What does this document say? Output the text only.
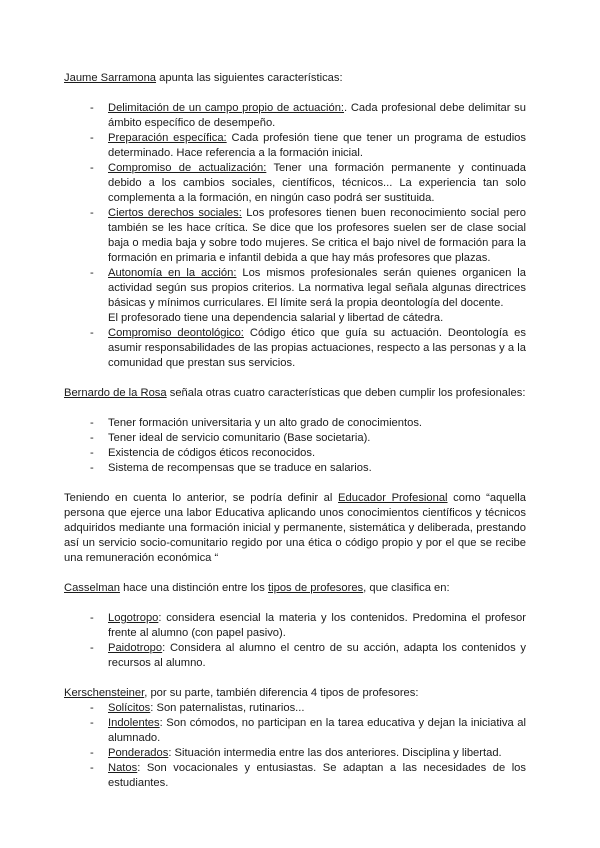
Jaume Sarramona apunta las siguientes características:

- Delimitación de un campo propio de actuación:. Cada profesional debe delimitar su ámbito específico de desempeño.
- Preparación específica: Cada profesión tiene que tener un programa de estudios determinado. Hace referencia a la formación inicial.
- Compromiso de actualización: Tener una formación permanente y continuada debido a los cambios sociales, científicos, técnicos... La experiencia tan solo complementa a la formación, en ningún caso podrá ser sustituida.
- Ciertos derechos sociales: Los profesores tienen buen reconocimiento social pero también se les hace crítica. Se dice que los profesores suelen ser de clase social baja o media baja y sobre todo mujeres. Se critica el bajo nivel de formación para la formación en primaria e infantil debida a que hay más profesores que plazas.
- Autonomía en la acción: Los mismos profesionales serán quienes organicen la actividad según sus propios criterios. La normativa legal señala algunas directrices básicas y mínimos curriculares. El límite será la propia deontología del docente.
El profesorado tiene una dependencia salarial y libertad de cátedra.
- Compromiso deontológico: Código ético que guía su actuación. Deontología es asumir responsabilidades de las propias actuaciones, respecto a las personas y a la comunidad que prestan sus servicios.

Bernardo de la Rosa señala otras cuatro características que deben cumplir los profesionales:

- Tener formación universitaria y un alto grado de conocimientos.
- Tener ideal de servicio comunitario (Base societaria).
- Existencia de códigos éticos reconocidos.
- Sistema de recompensas que se traduce en salarios.

Teniendo en cuenta lo anterior, se podría definir al Educador Profesional como “aquella persona que ejerce una labor Educativa aplicando unos conocimientos científicos y técnicos adquiridos mediante una formación inicial y permanente, sistemática y deliberada, prestando así un servicio socio-comunitario regido por una ética o código propio y por el que se recibe una remuneración económica “

Casselman hace una distinción entre los tipos de profesores, que clasifica en:

- Logotropo: considera esencial la materia y los contenidos. Predomina el profesor frente al alumno (con papel pasivo).
- Paidotropo: Considera al alumno el centro de su acción, adapta los contenidos y recursos al alumno.

Kerschensteiner, por su parte, también diferencia 4 tipos de profesores:

- Solícitos: Son paternalistas, rutinarios...
- Indolentes: Son cómodos, no participan en la tarea educativa y dejan la iniciativa al alumnado.
- Ponderados: Situación intermedia entre las dos anteriores. Disciplina y libertad.
- Natos: Son vocacionales y entusiastas. Se adaptan a las necesidades de los estudiantes.
